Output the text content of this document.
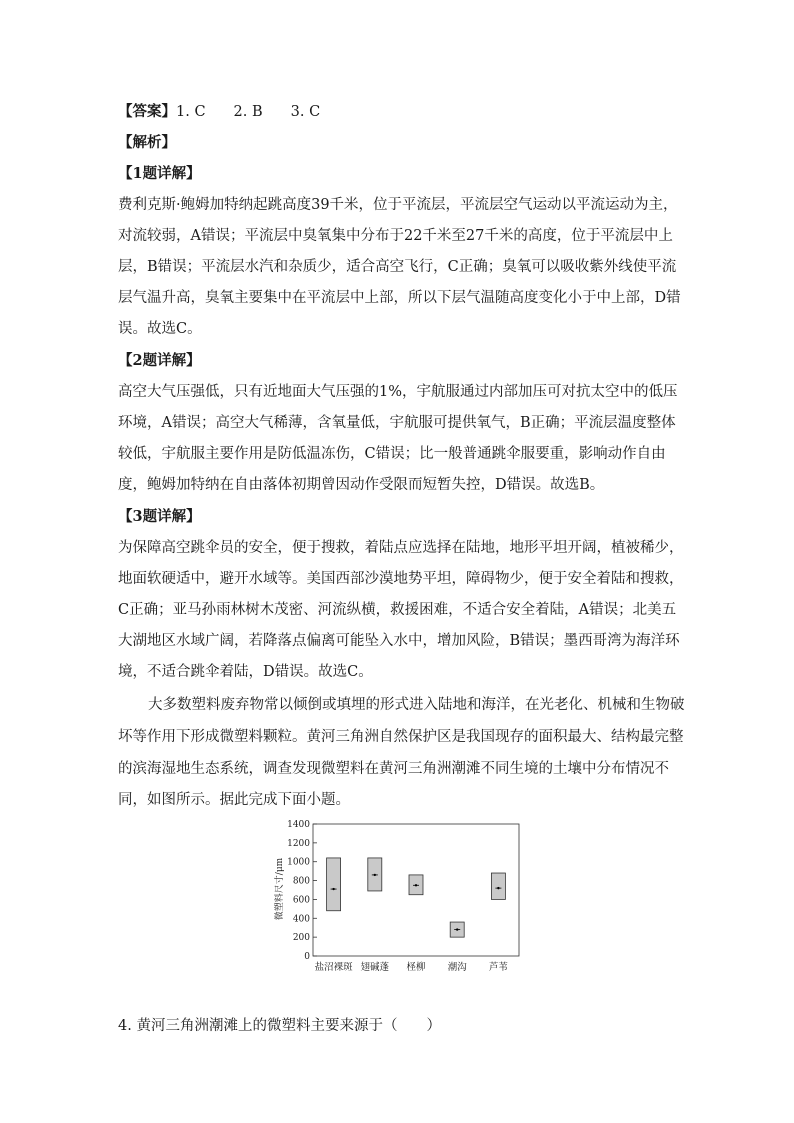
【答案】1. C 2. B 3. C
【解析】
【1题详解】
费利克斯·鲍姆加特纳起跳高度39千米，位于平流层，平流层空气运动以平流运动为主，
对流较弱，A错误；平流层中臭氧集中分布于22千米至27千米的高度，位于平流层中上
层，B错误；平流层水汽和杂质少，适合高空飞行，C正确；臭氧可以吸收紫外线使平流
层气温升高，臭氧主要集中在平流层中上部，所以下层气温随高度变化小于中上部，D错
误。故选C。
【2题详解】
高空大气压强低，只有近地面大气压强的1%，宇航服通过内部加压可对抗太空中的低压
环境，A错误；高空大气稀薄，含氧量低，宇航服可提供氧气，B正确；平流层温度整体
较低，宇航服主要作用是防低温冻伤，C错误；比一般普通跳伞服要重，影响动作自由
度，鲍姆加特纳在自由落体初期曾因动作受限而短暂失控，D错误。故选B。
【3题详解】
为保障高空跳伞员的安全，便于搜救，着陆点应选择在陆地，地形平坦开阔，植被稀少，
地面软硬适中，避开水域等。美国西部沙漠地势平坦，障碍物少，便于安全着陆和搜救，
C正确；亚马孙雨林树木茂密、河流纵横，救援困难，不适合安全着陆，A错误；北美五
大湖地区水域广阔，若降落点偏离可能坠入水中，增加风险，B错误；墨西哥湾为海洋环
境，不适合跳伞着陆，D错误。故选C。
大多数塑料废弃物常以倾倒或填埋的形式进入陆地和海洋，在光老化、机械和生物破
坏等作用下形成微塑料颗粒。黄河三角洲自然保护区是我国现存的面积最大、结构最完整
的滨海湿地生态系统，调查发现微塑料在黄河三角洲潮滩不同生境的土壤中分布情况不
同，如图所示。据此完成下面小题。
微塑料尺寸/μm
0
200
400
600
800
1000
1200
1400
盐沼裸斑 翅碱蓬 柽柳 潮沟 芦苇
4. 黄河三角洲潮滩上的微塑料主要来源于（　　）
